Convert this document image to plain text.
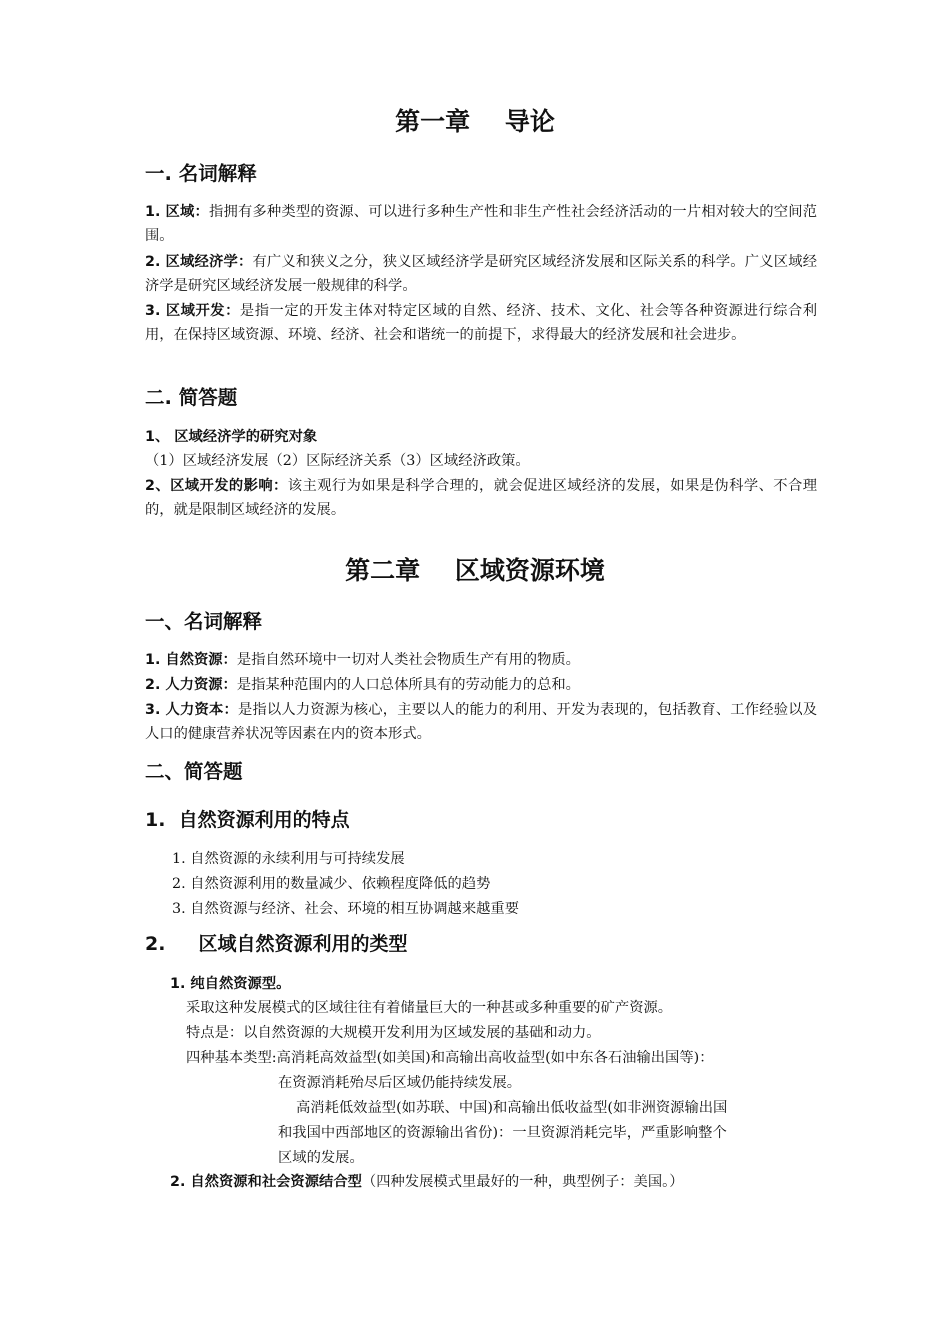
第一章    导论
一. 名词解释
1. 区域：指拥有多种类型的资源、可以进行多种生产性和非生产性社会经济活动的一片相对较大的空间范围。
2. 区域经济学：有广义和狭义之分，狭义区域经济学是研究区域经济发展和区际关系的科学。广义区域经济学是研究区域经济发展一般规律的科学。
3. 区域开发：是指一定的开发主体对特定区域的自然、经济、技术、文化、社会等各种资源进行综合利用，在保持区域资源、环境、经济、社会和谐统一的前提下，求得最大的经济发展和社会进步。
二. 简答题
1、 区域经济学的研究对象
（1）区域经济发展（2）区际经济关系（3）区域经济政策。
2、区域开发的影响：该主观行为如果是科学合理的，就会促进区域经济的发展，如果是伪科学、不合理的，就是限制区域经济的发展。
第二章    区域资源环境
一、名词解释
1. 自然资源：是指自然环境中一切对人类社会物质生产有用的物质。
2. 人力资源：是指某种范围内的人口总体所具有的劳动能力的总和。
3. 人力资本：是指以人力资源为核心，主要以人的能力的利用、开发为表现的，包括教育、工作经验以及人口的健康营养状况等因素在内的资本形式。
二、简答题
1.  自然资源利用的特点
1. 自然资源的永续利用与可持续发展
2. 自然资源利用的数量减少、依赖程度降低的趋势
3. 自然资源与经济、社会、环境的相互协调越来越重要
2.     区域自然资源利用的类型
1. 纯自然资源型。
采取这种发展模式的区域往往有着储量巨大的一种甚或多种重要的矿产资源。
特点是：以自然资源的大规模开发利用为区域发展的基础和动力。
四种基本类型:高消耗高效益型(如美国)和高输出高收益型(如中东各石油输出国等)：
在资源消耗殆尽后区域仍能持续发展。
高消耗低效益型(如苏联、中国)和高输出低收益型(如非洲资源输出国
和我国中西部地区的资源输出省份)：一旦资源消耗完毕，严重影响整个
区域的发展。
2. 自然资源和社会资源结合型（四种发展模式里最好的一种，典型例子：美国。）
